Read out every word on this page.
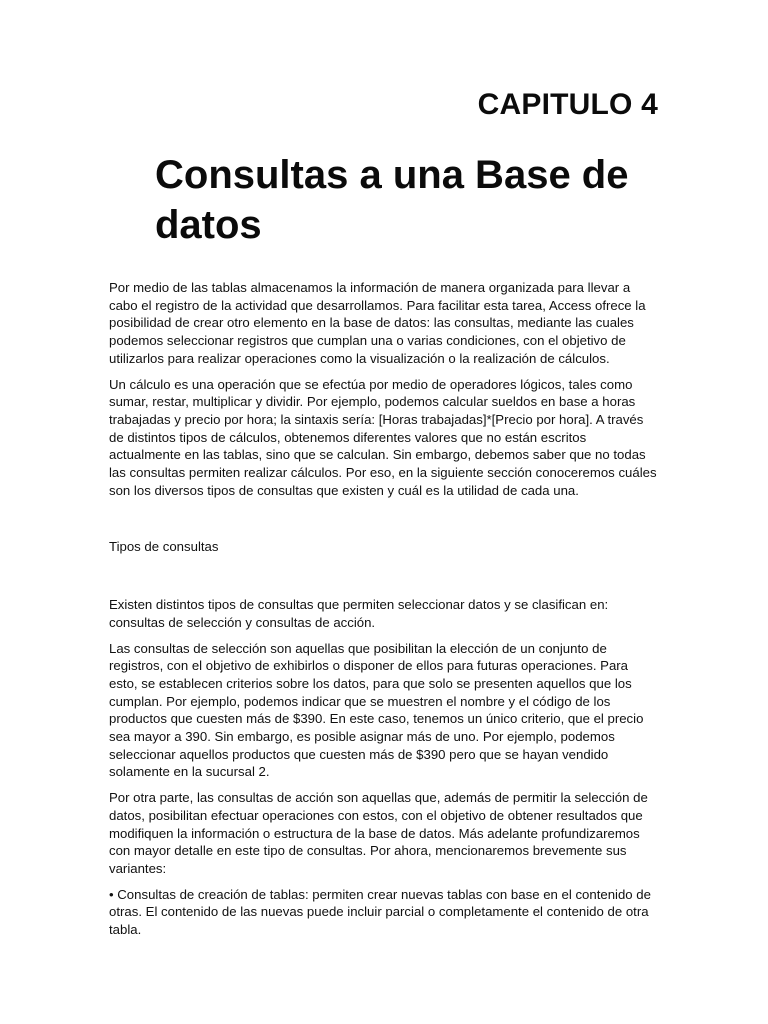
CAPITULO 4
Consultas a una Base de datos

Por medio de las tablas almacenamos la información de manera organizada para llevar a cabo el registro de la actividad que desarrollamos. Para facilitar esta tarea, Access ofrece la posibilidad de crear otro elemento en la base de datos: las consultas, mediante las cuales podemos seleccionar registros que cumplan una o varias condiciones, con el objetivo de utilizarlos para realizar operaciones como la visualización o la realización de cálculos.

Un cálculo es una operación que se efectúa por medio de operadores lógicos, tales como sumar, restar, multiplicar y dividir. Por ejemplo, podemos calcular sueldos en base a horas trabajadas y precio por hora; la sintaxis sería: [Horas trabajadas]*[Precio por hora]. A través de distintos tipos de cálculos, obtenemos diferentes valores que no están escritos actualmente en las tablas, sino que se calculan. Sin embargo, debemos saber que no todas las consultas permiten realizar cálculos. Por eso, en la siguiente sección conoceremos cuáles son los diversos tipos de consultas que existen y cuál es la utilidad de cada una.

Tipos de consultas

Existen distintos tipos de consultas que permiten seleccionar datos y se clasifican en: consultas de selección y consultas de acción.

Las consultas de selección son aquellas que posibilitan la elección de un conjunto de registros, con el objetivo de exhibirlos o disponer de ellos para futuras operaciones. Para esto, se establecen criterios sobre los datos, para que solo se presenten aquellos que los cumplan. Por ejemplo, podemos indicar que se muestren el nombre y el código de los productos que cuesten más de $390. En este caso, tenemos un único criterio, que el precio sea mayor a 390. Sin embargo, es posible asignar más de uno. Por ejemplo, podemos seleccionar aquellos productos que cuesten más de $390 pero que se hayan vendido solamente en la sucursal 2.

Por otra parte, las consultas de acción son aquellas que, además de permitir la selección de datos, posibilitan efectuar operaciones con estos, con el objetivo de obtener resultados que modifiquen la información o estructura de la base de datos. Más adelante profundizaremos con mayor detalle en este tipo de consultas. Por ahora, mencionaremos brevemente sus variantes:

• Consultas de creación de tablas: permiten crear nuevas tablas con base en el contenido de otras. El contenido de las nuevas puede incluir parcial o completamente el contenido de otra tabla.
